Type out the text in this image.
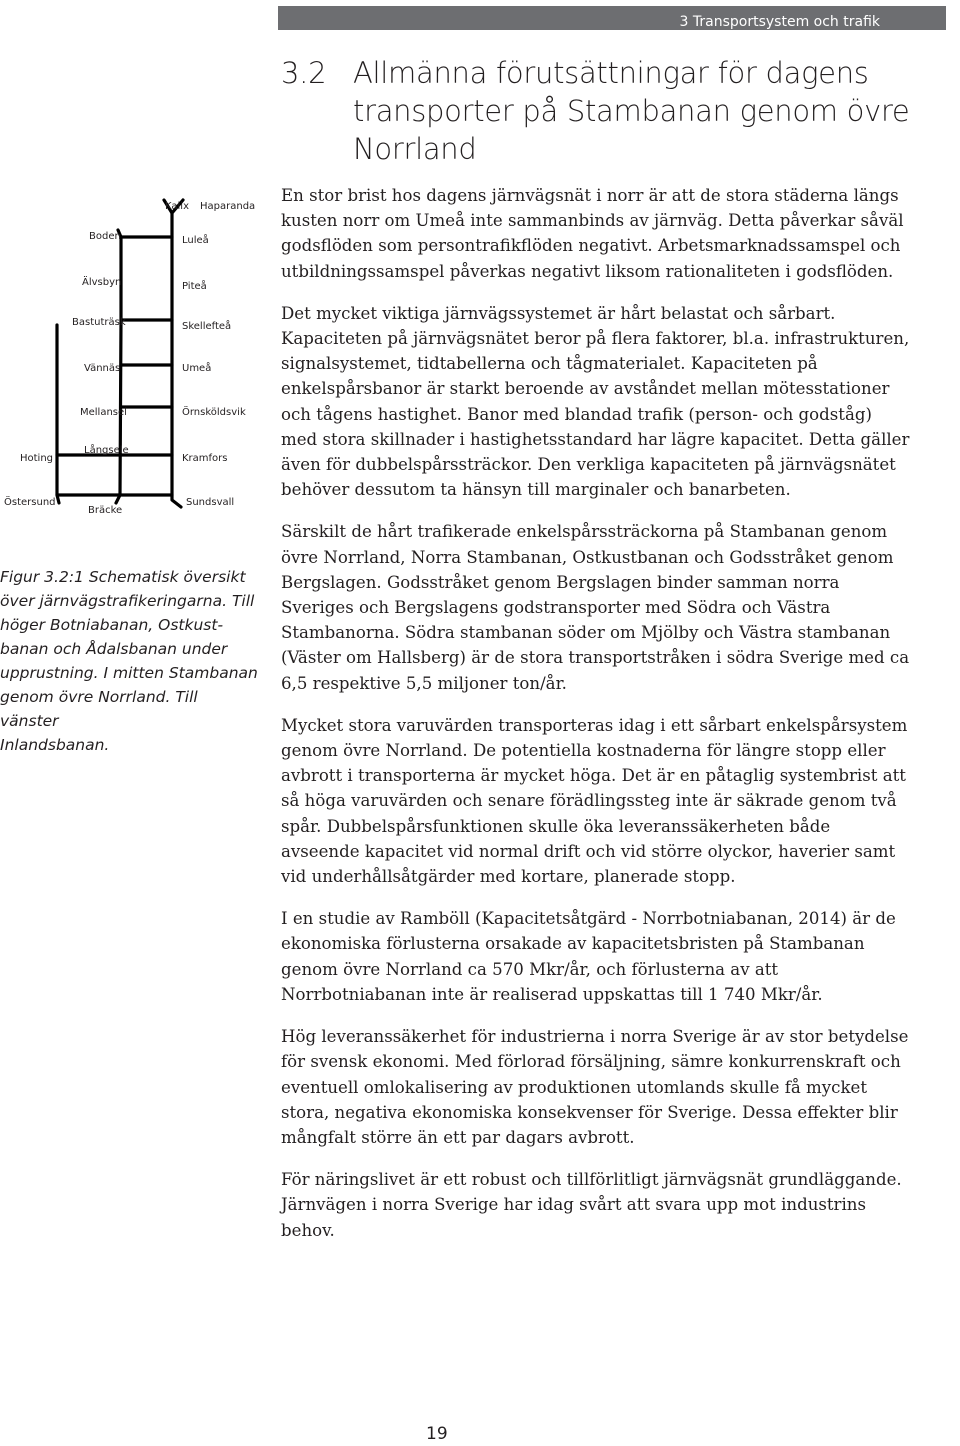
3 Transportsystem och trafik
3.2 Allmänna förutsättningar för dagens
transporter på Stambanan genom övre
Norrland
Kalix Haparanda
Boden	Luleå
Älvsbyn	Piteå
Bastuträsk	Skellefteå
Vännäs	Umeå
Mellansel	Örnsköldsvik
Hoting
Långsele
Kramfors
Östersund
Bräcke
Sundsvall
Figur 3.2:1 Schematisk översikt
över järnvägstrafikeringarna. Till
höger Botniabanan, Ostkust-
banan och Ådalsbanan under
upprustning. I mitten Stambanan
genom övre Norrland. Till vänster
Inlandsbanan.

En stor brist hos dagens järnvägsnät i norr är att de stora städerna längs kusten norr om Umeå inte sammanbinds av järnväg. Detta påverkar såväl godsflöden som persontrafikflöden negativt. Arbetsmarknadssamspel och utbildningssamspel påverkas negativt liksom rationaliteten i godsflöden.

Det mycket viktiga järnvägssystemet är hårt belastat och sårbart. Kapaciteten på järnvägsnätet beror på flera faktorer, bl.a. infrastrukturen, signalsystemet, tidtabellerna och tågmaterialet. Kapaciteten på enkelspårsbanor är starkt beroende av avståndet mellan mötesstationer och tågens hastighet. Banor med blandad trafik (person- och godståg) med stora skillnader i hastighetsstandard har lägre kapacitet. Detta gäller även för dubbelspårssträckor. Den verkliga kapaciteten på järnvägsnätet behöver dessutom ta hänsyn till marginaler och banarbeten.

Särskilt de hårt trafikerade enkelspårssträckorna på Stambanan genom övre Norrland, Norra Stambanan, Ostkustbanan och Godsstråket genom Bergslagen. Godsstråket genom Bergslagen binder samman norra Sveriges och Bergslagens godstransporter med Södra och Västra Stambanorna. Södra stambanan söder om Mjölby och Västra stambanan (Väster om Hallsberg) är de stora transportstråken i södra Sverige med ca 6,5 respektive 5,5 miljoner ton/år.

Mycket stora varuvärden transporteras idag i ett sårbart enkelspårsystem genom övre Norrland. De potentiella kostnaderna för längre stopp eller avbrott i transporterna är mycket höga. Det är en påtaglig systembrist att så höga varuvärden och senare förädlingssteg inte är säkrade genom två spår. Dubbelspårsfunktionen skulle öka leveranssäkerheten både avseende kapacitet vid normal drift och vid större olyckor, haverier samt vid underhållsåtgärder med kortare, planerade stopp.

I en studie av Ramböll (Kapacitetsåtgärd - Norrbotniabanan, 2014) är de ekonomiska förlusterna orsakade av kapacitetsbristen på Stambanan genom övre Norrland ca 570 Mkr/år, och förlusterna av att Norrbotniabanan inte är realiserad uppskattas till 1 740 Mkr/år.

Hög leveranssäkerhet för industrierna i norra Sverige är av stor betydelse för svensk ekonomi. Med förlorad försäljning, sämre konkurrenskraft och eventuell omlokalisering av produktionen utomlands skulle få mycket stora, negativa ekonomiska konsekvenser för Sverige. Dessa effekter blir mångfalt större än ett par dagars avbrott.

För näringslivet är ett robust och tillförlitligt järnvägsnät grundläggande. Järnvägen i norra Sverige har idag svårt att svara upp mot industrins behov.

19
